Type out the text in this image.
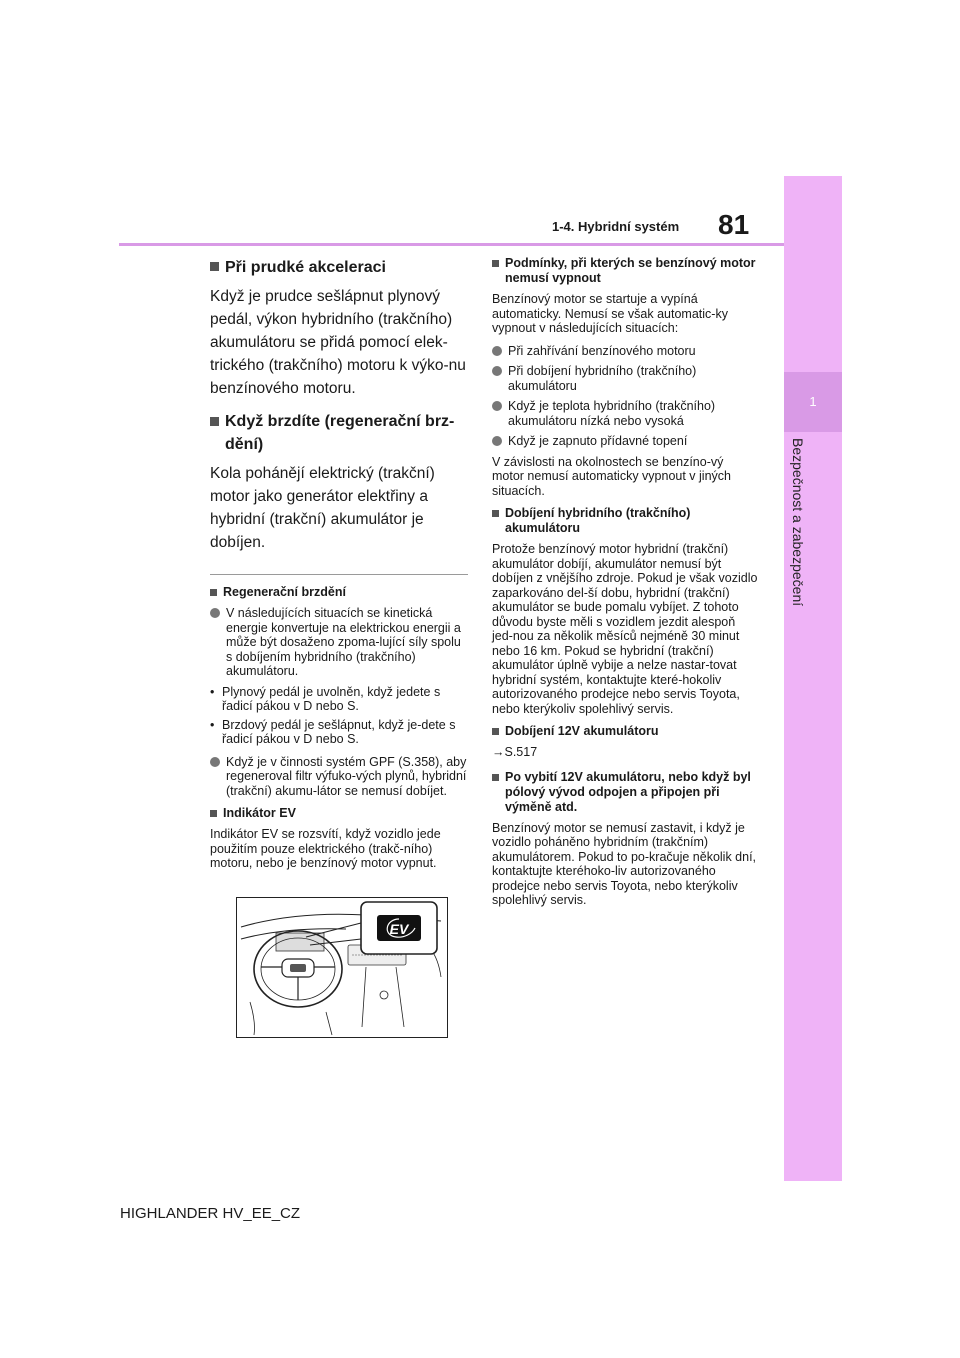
1
Bezpečnost a zabezpečení
1-4. Hybridní systém 81
Při prudké akceleraci

Když je prudce sešlápnut plynový pedál, výkon hybridního (trakčního) akumulátoru se přidá pomocí elek-trického (trakčního) motoru k výko-nu benzínového motoru.

Když brzdíte (regenerační brz-dění)

Kola pohánějí elektrický (trakční) motor jako generátor elektřiny a hybridní (trakční) akumulátor je dobíjen.

Regenerační brzdění
V následujících situacích se kinetická energie konvertuje na elektrickou energii a může být dosaženo zpoma-lující síly spolu s dobíjením hybridního (trakčního) akumulátoru.
• Plynový pedál je uvolněn, když jedete s řadicí pákou v D nebo S.
• Brzdový pedál je sešlápnut, když je-dete s řadicí pákou v D nebo S.
Když je v činnosti systém GPF (S.358), aby regeneroval filtr výfuko-vých plynů, hybridní (trakční) akumu-látor se nemusí dobíjet.
Indikátor EV

Indikátor EV se rozsvítí, když vozidlo jede použitím pouze elektrického (trakč-ního) motoru, nebo je benzínový motor vypnut.

EV
Podmínky, při kterých se benzínový motor nemusí vypnout

Benzínový motor se startuje a vypíná automaticky. Nemusí se však automatic-ky vypnout v následujících situacích:

Při zahřívání benzínového motoru
Při dobíjení hybridního (trakčního) akumulátoru
Když je teplota hybridního (trakčního) akumulátoru nízká nebo vysoká
Když je zapnuto přídavné topení

V závislosti na okolnostech se benzíno-vý motor nemusí automaticky vypnout v jiných situacích.

Dobíjení hybridního (trakčního) akumulátoru

Protože benzínový motor hybridní (trakční) akumulátor dobíjí, akumulátor nemusí být dobíjen z vnějšího zdroje. Pokud je však vozidlo zaparkováno del-ší dobu, hybridní (trakční) akumulátor se bude pomalu vybíjet. Z tohoto důvodu byste měli s vozidlem jezdit alespoň jed-nou za několik měsíců nejméně 30 minut nebo 16 km. Pokud se hybridní (trakční) akumulátor úplně vybije a nelze nastar-tovat hybridní systém, kontaktujte které-hokoliv autorizovaného prodejce nebo servis Toyota, nebo kterýkoliv spolehlivý servis.

Dobíjení 12V akumulátoru

→S.517

Po vybití 12V akumulátoru, nebo když byl pólový vývod odpojen a připojen při výměně atd.

Benzínový motor se nemusí zastavit, i když je vozidlo poháněno hybridním (trakčním) akumulátorem. Pokud to po-kračuje několik dní, kontaktujte kteréhoko-liv autorizovaného prodejce nebo servis Toyota, nebo kterýkoliv spolehlivý servis.

HIGHLANDER HV_EE_CZ
